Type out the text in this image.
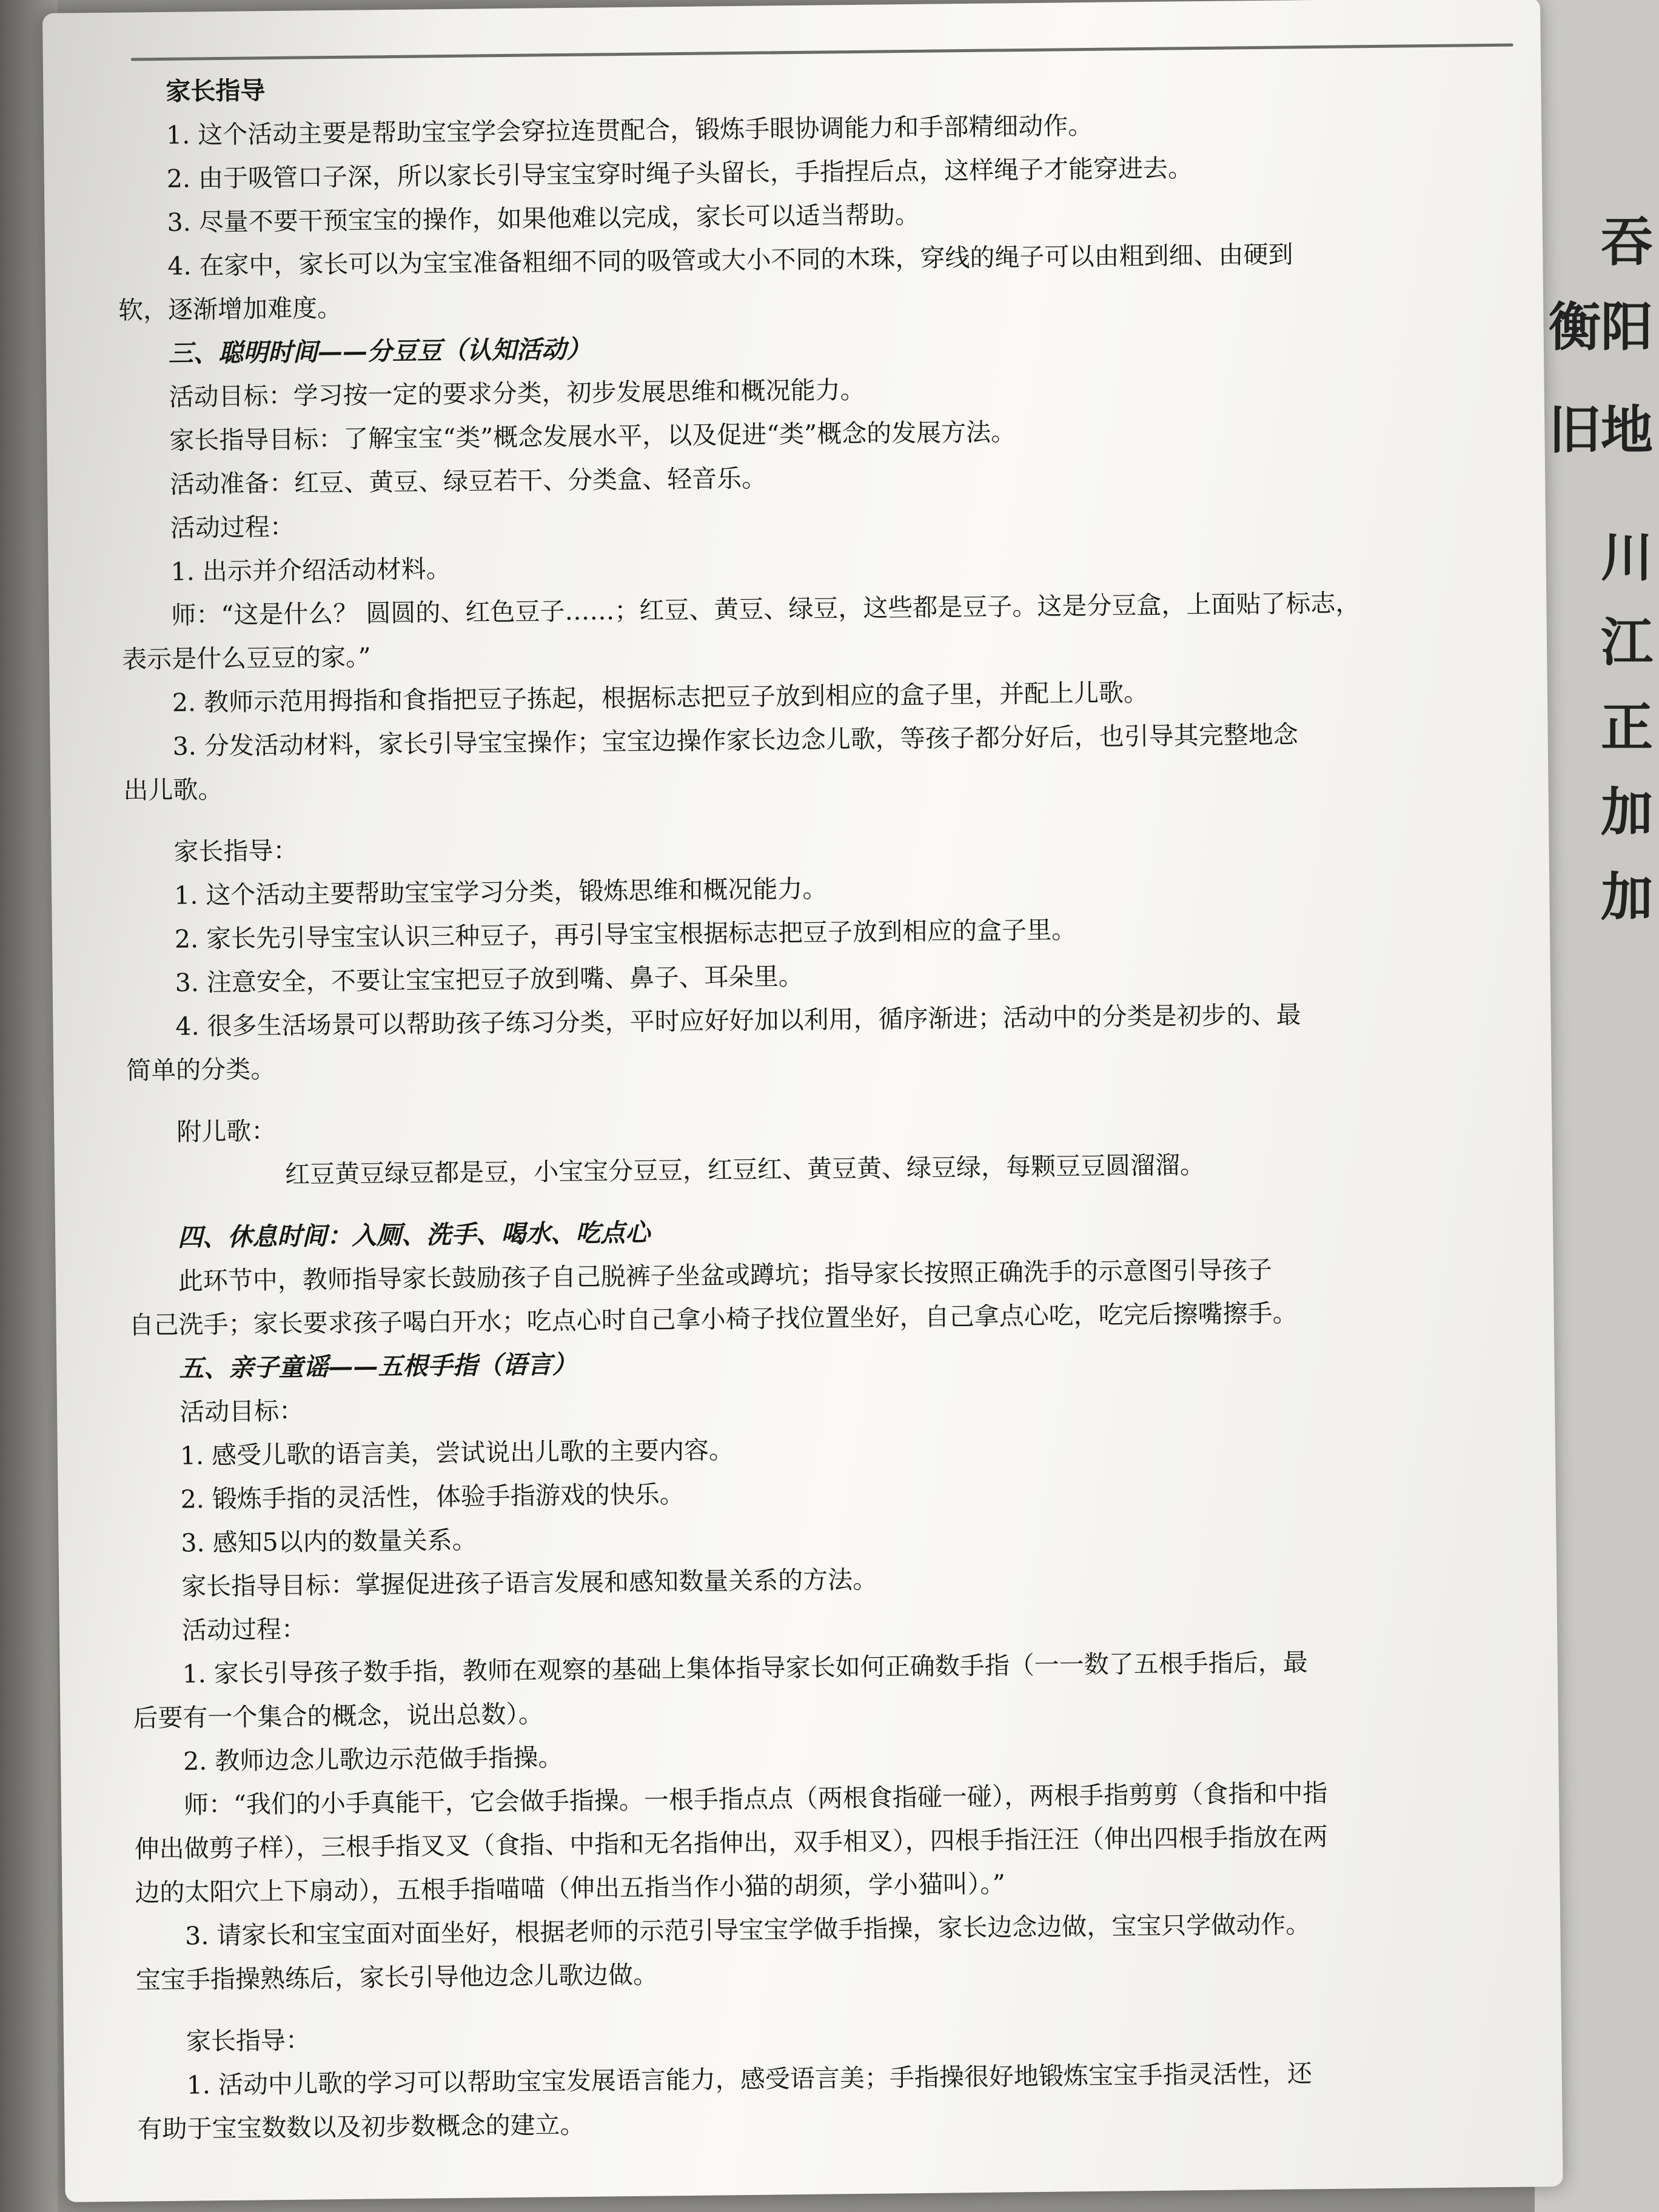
吞
衡阳
旧地
川
江
正
加
加
家长指导
1. 这个活动主要是帮助宝宝学会穿拉连贯配合，锻炼手眼协调能力和手部精细动作。
2. 由于吸管口子深，所以家长引导宝宝穿时绳子头留长，手指捏后点，这样绳子才能穿进去。
3. 尽量不要干预宝宝的操作，如果他难以完成，家长可以适当帮助。
4. 在家中，家长可以为宝宝准备粗细不同的吸管或大小不同的木珠，穿线的绳子可以由粗到细、由硬到
软，逐渐增加难度。
三、聪明时间——分豆豆（认知活动）
活动目标：学习按一定的要求分类，初步发展思维和概况能力。
家长指导目标：了解宝宝“类”概念发展水平，以及促进“类”概念的发展方法。
活动准备：红豆、黄豆、绿豆若干、分类盒、轻音乐。
活动过程：
1. 出示并介绍活动材料。
师：“这是什么？ 圆圆的、红色豆子……；红豆、黄豆、绿豆，这些都是豆子。这是分豆盒，上面贴了标志，
表示是什么豆豆的家。”
2. 教师示范用拇指和食指把豆子拣起，根据标志把豆子放到相应的盒子里，并配上儿歌。
3. 分发活动材料，家长引导宝宝操作；宝宝边操作家长边念儿歌，等孩子都分好后，也引导其完整地念
出儿歌。
家长指导：
1. 这个活动主要帮助宝宝学习分类，锻炼思维和概况能力。
2. 家长先引导宝宝认识三种豆子，再引导宝宝根据标志把豆子放到相应的盒子里。
3. 注意安全，不要让宝宝把豆子放到嘴、鼻子、耳朵里。
4. 很多生活场景可以帮助孩子练习分类，平时应好好加以利用，循序渐进；活动中的分类是初步的、最
简单的分类。
附儿歌：
红豆黄豆绿豆都是豆，小宝宝分豆豆，红豆红、黄豆黄、绿豆绿，每颗豆豆圆溜溜。
四、休息时间：入厕、洗手、喝水、吃点心
此环节中，教师指导家长鼓励孩子自己脱裤子坐盆或蹲坑；指导家长按照正确洗手的示意图引导孩子
自己洗手；家长要求孩子喝白开水；吃点心时自己拿小椅子找位置坐好，自己拿点心吃，吃完后擦嘴擦手。
五、亲子童谣——五根手指（语言）
活动目标：
1. 感受儿歌的语言美，尝试说出儿歌的主要内容。
2. 锻炼手指的灵活性，体验手指游戏的快乐。
3. 感知5以内的数量关系。
家长指导目标：掌握促进孩子语言发展和感知数量关系的方法。
活动过程：
1. 家长引导孩子数手指，教师在观察的基础上集体指导家长如何正确数手指（一一数了五根手指后，最
后要有一个集合的概念，说出总数）。
2. 教师边念儿歌边示范做手指操。
师：“我们的小手真能干，它会做手指操。一根手指点点（两根食指碰一碰），两根手指剪剪（食指和中指
伸出做剪子样），三根手指叉叉（食指、中指和无名指伸出，双手相叉），四根手指汪汪（伸出四根手指放在两
边的太阳穴上下扇动），五根手指喵喵（伸出五指当作小猫的胡须，学小猫叫）。”
3. 请家长和宝宝面对面坐好，根据老师的示范引导宝宝学做手指操，家长边念边做，宝宝只学做动作。
宝宝手指操熟练后，家长引导他边念儿歌边做。
家长指导：
1. 活动中儿歌的学习可以帮助宝宝发展语言能力，感受语言美；手指操很好地锻炼宝宝手指灵活性，还
有助于宝宝数数以及初步数概念的建立。
